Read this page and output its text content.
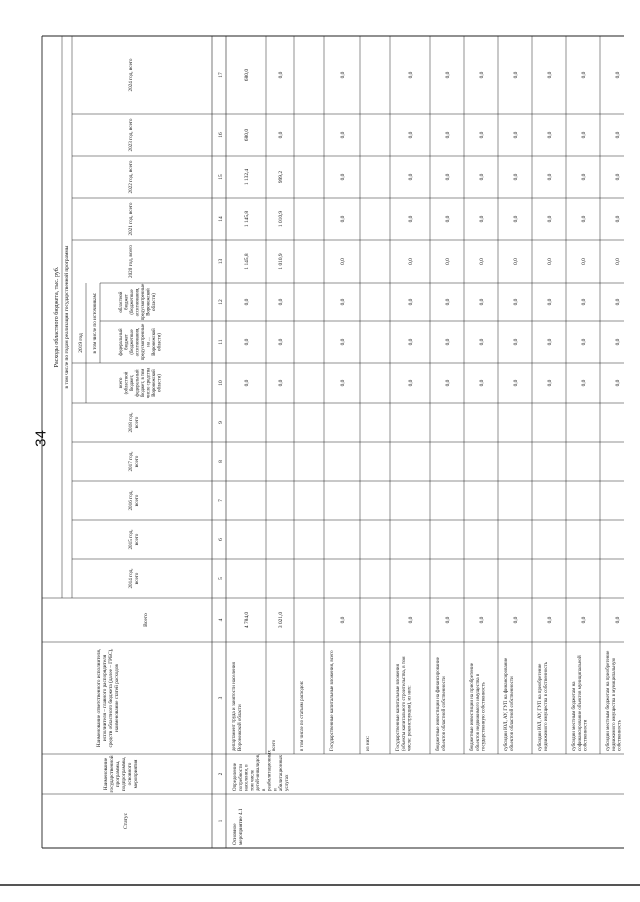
34
Расходы областного бюджета, тыс. руб. в том числе по годам реализации государственной программы 2019 год в том числе по источникам:
Статус
Наименование государственной программы, подпрограммы, основного мероприятия
Наименование ответственного исполнителя, исполнителя – главного распорядителя средств областного бюджета (далее – ГРБС), наименование статей расходов
Всего
2014 год, всего
2015 год, всего
2016 год, всего
2017 год, всего
2018 год, всего
всего (областной бюджет, федеральный бюджет, в том числе средства Воронежской области)
федеральный бюджет (бюджетные ассигнования, предусмотренные на ... Воронежской области)
областной бюджет (бюджетные ассигнования, предусмотренные Воронежской области)
2020 год, всего
2021 год, всего
2022 год, всего
2023 год, всего
2024 год, всего
1
2
3
4
5
6
7
8
9
10
11
12
13
14
15
16
17
Основное мероприятие 4.1
Определение потребности населения, в том числе детей-инвалидов, в реабилитационных и абилитационных услугах
департамент труда и занятости населения Воронежской области
4 784,0
0,0
0,0
0,0
1 145,8
1 145,8
1 132,4
680,0
680,0
всего
3 021,0
0,0
0,0
0,0
1 010,9
1 010,9
999,2
0,0
0,0
в том числе по статьям расходов:	Государственные капитальные вложения, всего
0,0
0,0
0,0
0,0
0,0
0,0
0,0
0,0
0,0
из них:	Государственные капитальные вложения (объекты капитального строительства, в том числе: реконструкция), из них:
0,0
0,0
0,0
0,0
0,0
0,0
0,0
0,0
0,0
бюджетные инвестиции на финансирование объектов областной собственности
0,0
0,0
0,0
0,0
0,0
0,0
0,0
0,0
0,0
бюджетные инвестиции на приобретение объектов недвижимого имущества в государственную собственность
0,0
0,0
0,0
0,0
0,0
0,0
0,0
0,0
0,0
субсидии ЮЛ, АУ, ГУП на финансирование объектов областной собственности
0,0
0,0
0,0
0,0
0,0
0,0
0,0
0,0
0,0
субсидии ЮЛ, АУ, ГУП на приобретение недвижимого имущества в собственность
0,0
0,0
0,0
0,0
0,0
0,0
0,0
0,0
0,0
субсидии местным бюджетам на софинансирование объектов муниципальной собственности
0,0
0,0
0,0
0,0
0,0
0,0
0,0
0,0
0,0
субсидии местным бюджетам на приобретение недвижимого имущества в муниципальную собственность
0,0
0,0
0,0
0,0
0,0
0,0
0,0
0,0
0,0
